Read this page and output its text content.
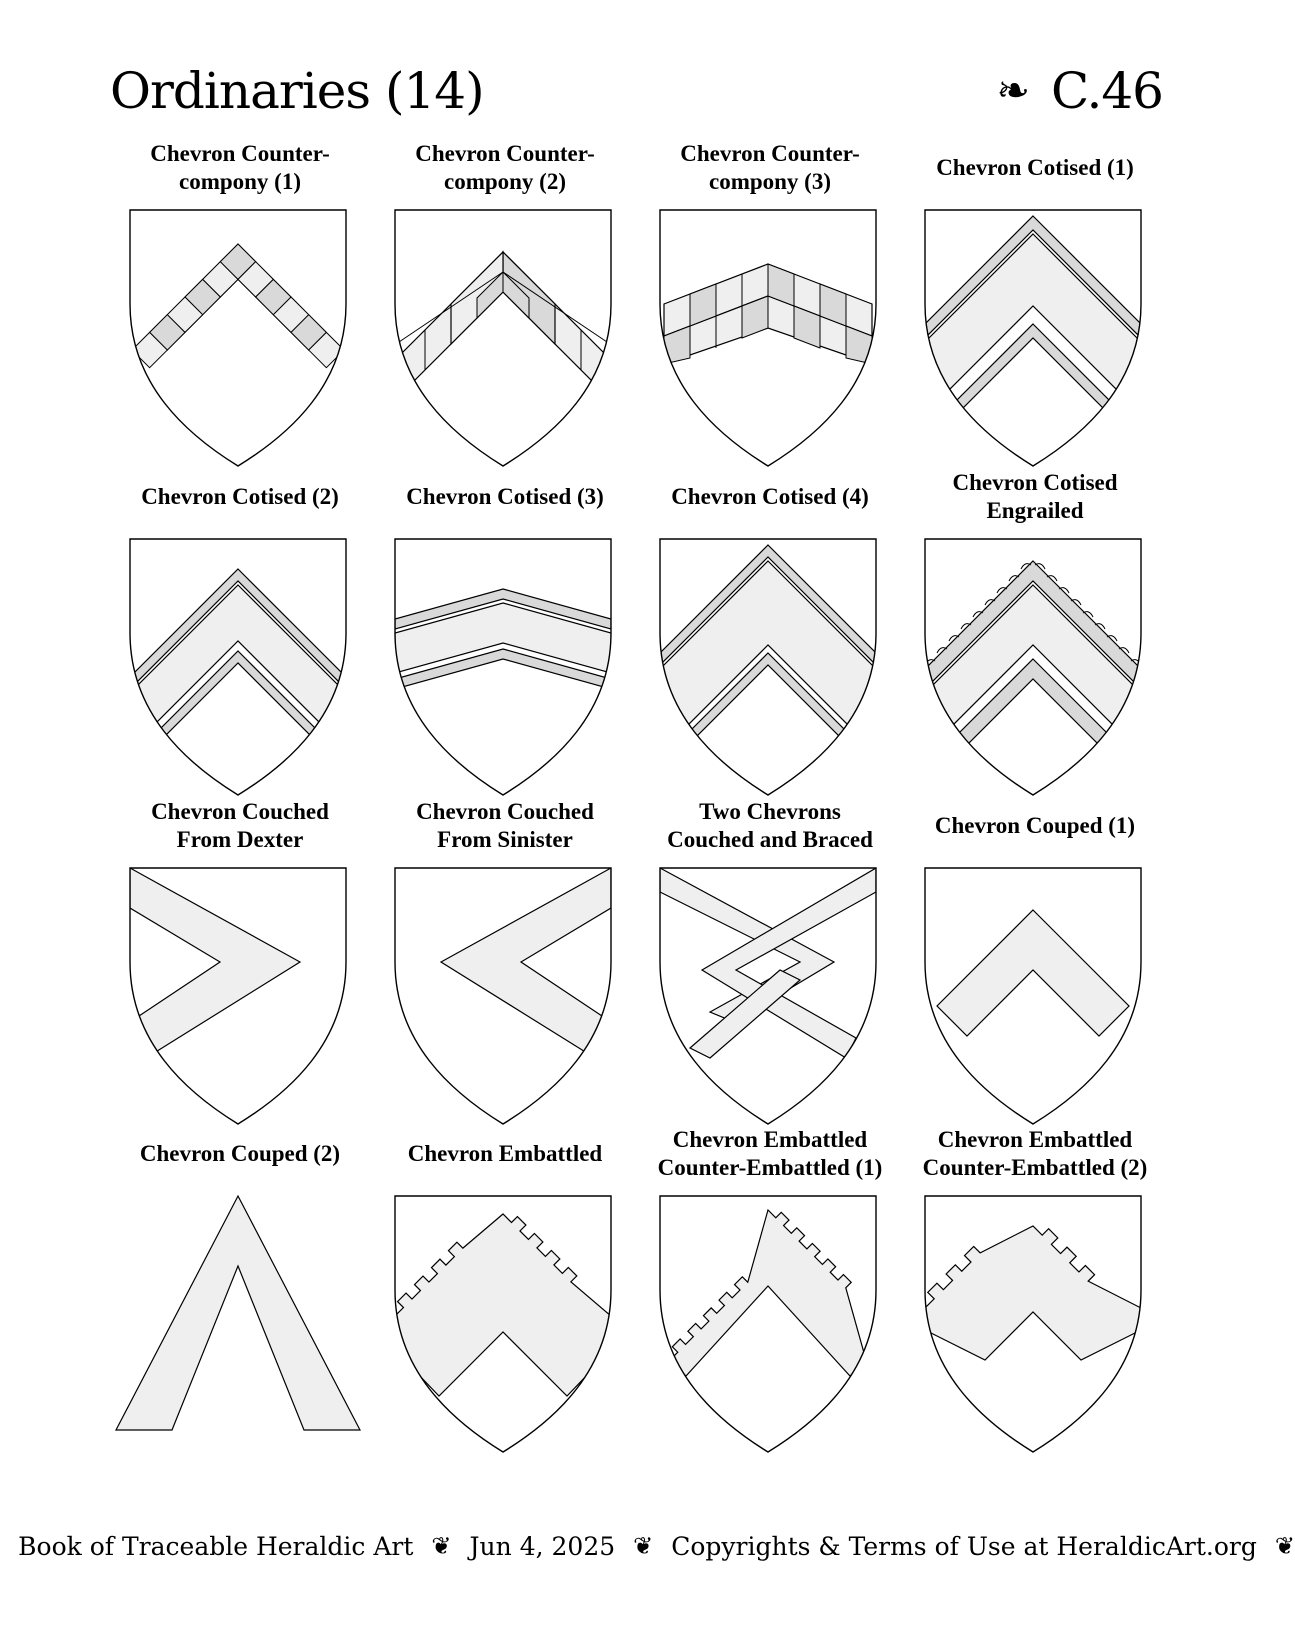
Ordinaries (14)	❧ C.46
Chevron Counter-
compony (1)
Chevron Counter-
compony (2)
Chevron Counter-
compony (3)
Chevron Cotised (1)
Chevron Cotised (2)	Chevron Cotised (3)	Chevron Cotised (4)
Chevron Cotised
Engrailed
Chevron Couched
From Dexter
Chevron Couched
From Sinister
Two Chevrons
Couched and Braced
Chevron Couped (1)
Chevron Couped (2)	Chevron Embattled
Chevron Embattled
Counter-Embattled (1)
Chevron Embattled
Counter-Embattled (2)
Book of Traceable Heraldic Art ❦ Jun 4, 2025 ❦ Copyrights & Terms of Use at HeraldicArt.org ❦
